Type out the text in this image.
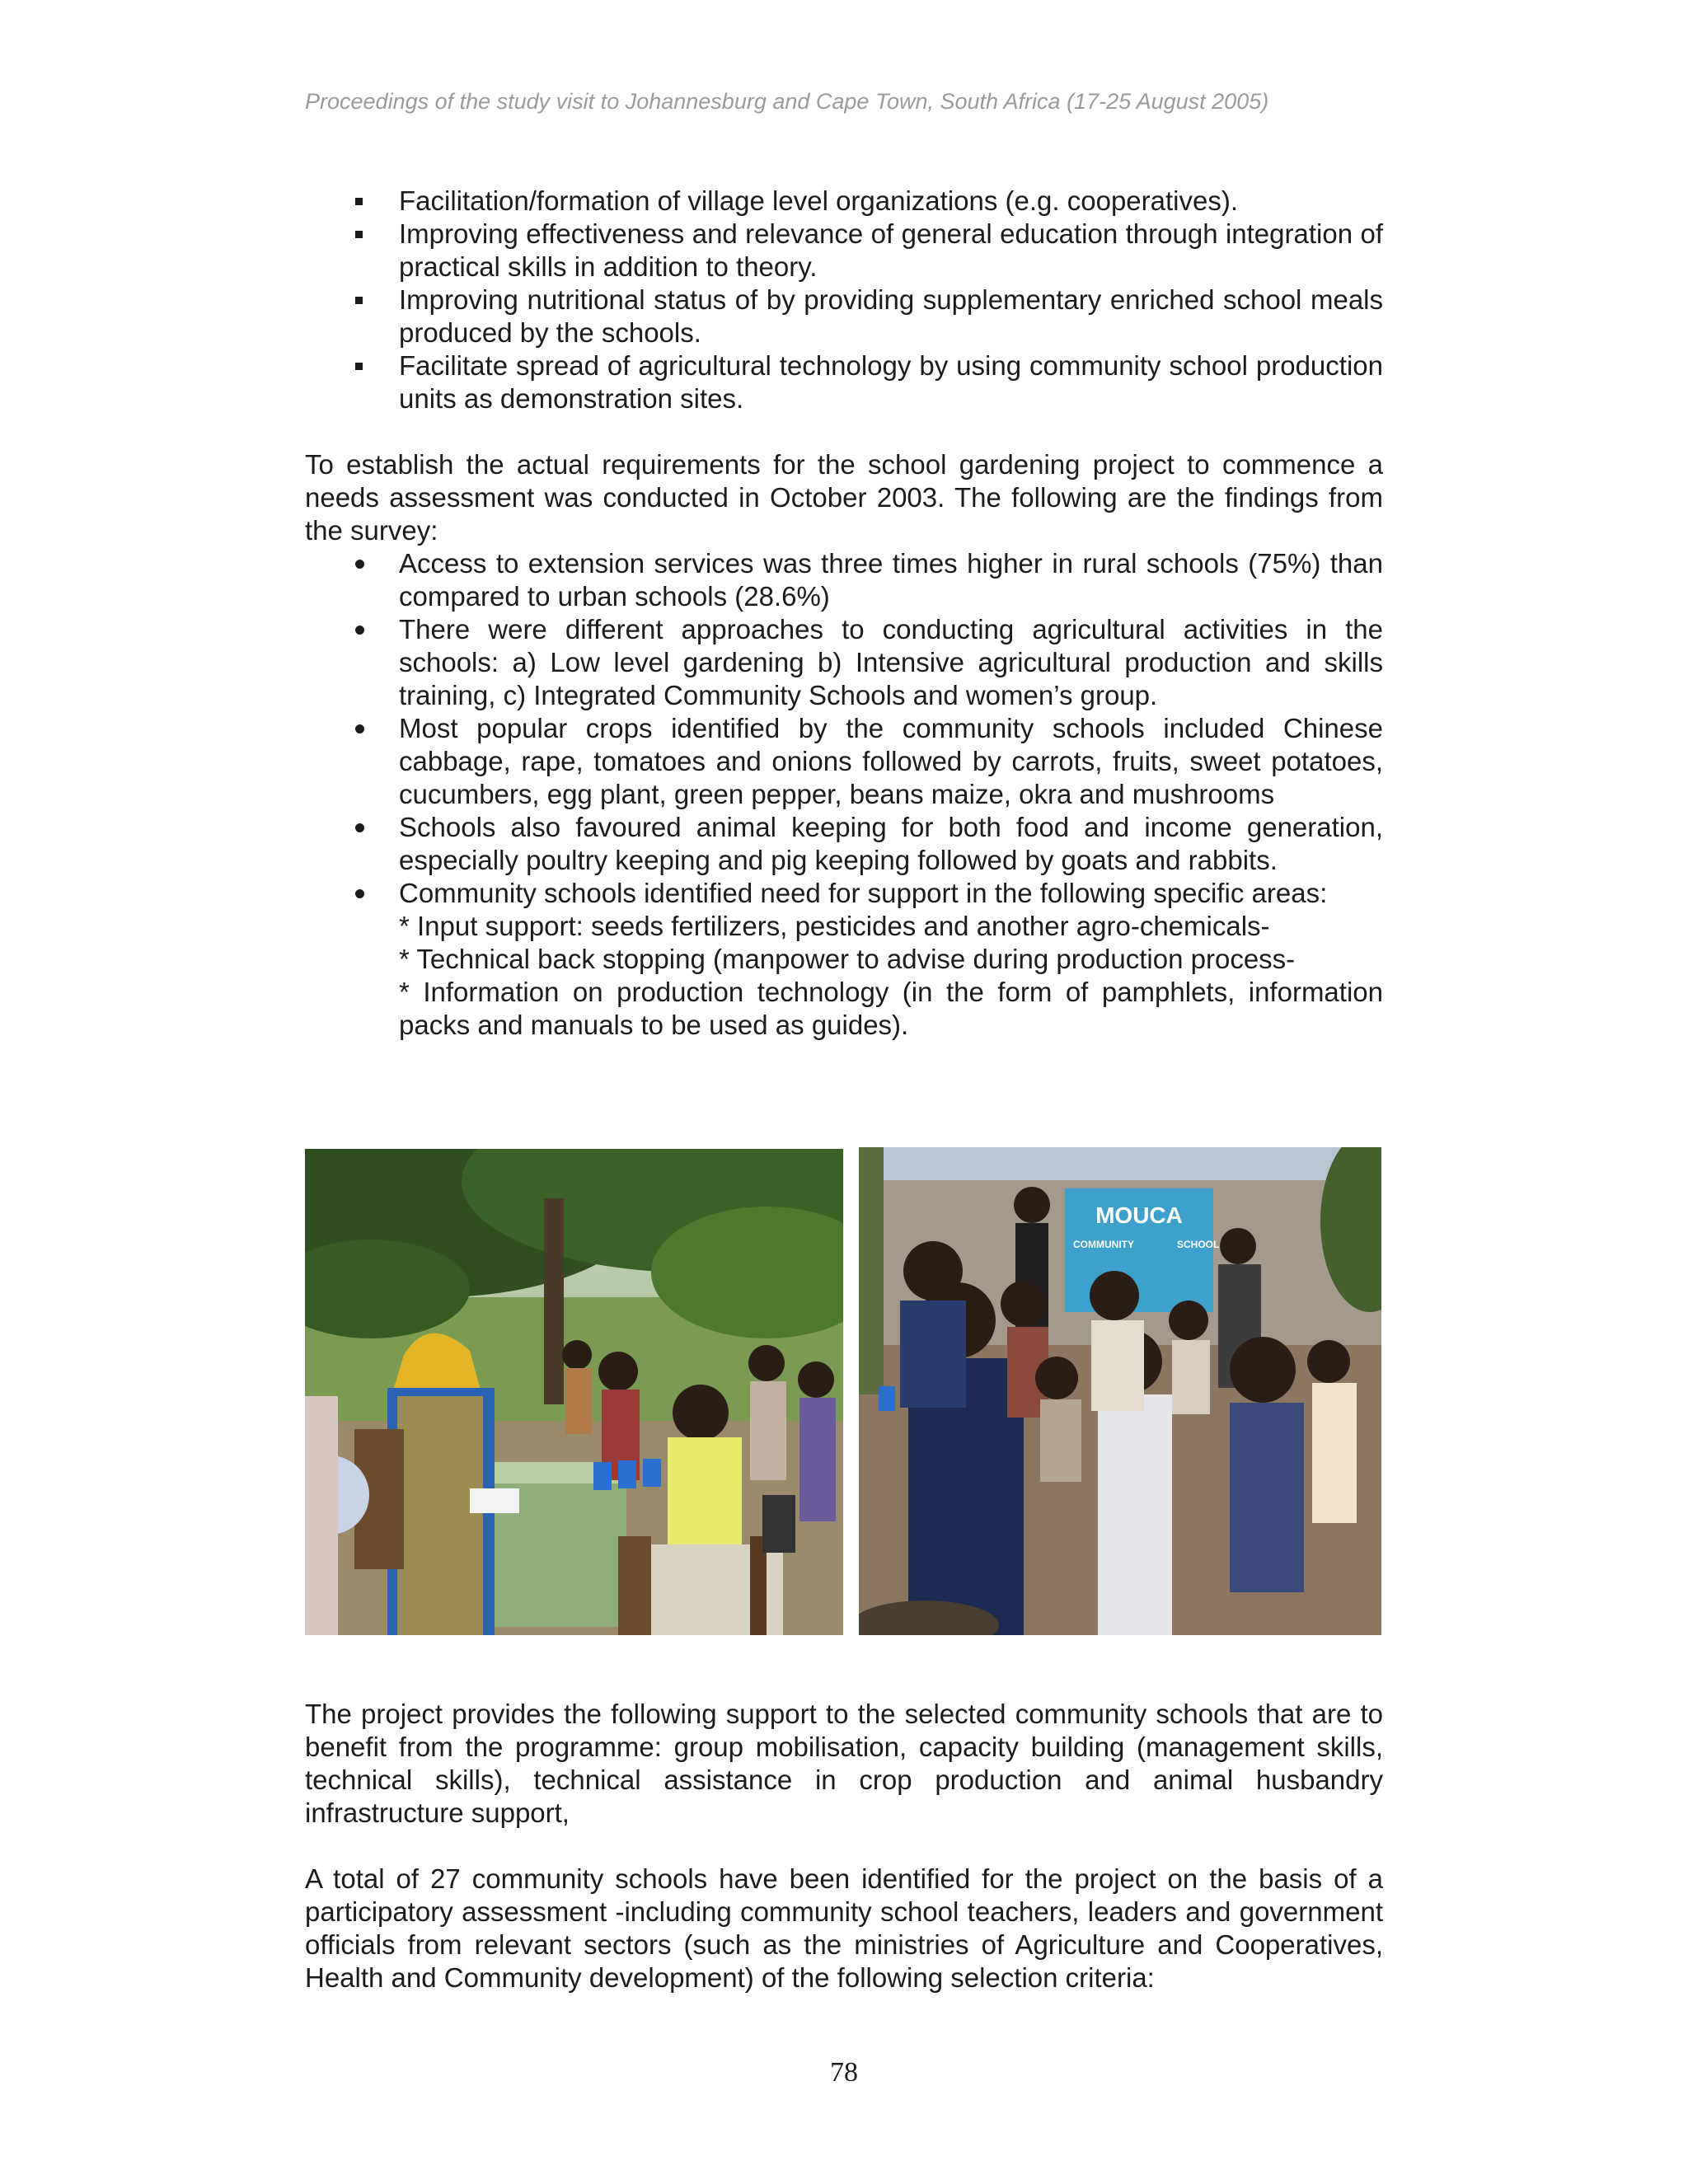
Proceedings of the study visit to Johannesburg and Cape Town, South Africa (17-25 August 2005)
Facilitation/formation of village level organizations (e.g. cooperatives).
Improving effectiveness and relevance of general education through integration of practical skills in addition to theory.
Improving nutritional status of by providing supplementary enriched school meals produced by the schools.
Facilitate spread of agricultural technology by using community school production units as demonstration sites.

To establish the actual requirements for the school gardening project to commence a needs assessment was conducted in October 2003. The following are the findings from the survey:

Access to extension services was three times higher in rural schools (75%) than compared to urban schools (28.6%)
There were different approaches to conducting agricultural activities in the schools: a) Low level gardening b) Intensive agricultural production and skills training, c) Integrated Community Schools and women’s group.
Most popular crops identified by the community schools included Chinese cabbage, rape, tomatoes and onions followed by carrots, fruits, sweet potatoes, cucumbers, egg plant, green pepper, beans maize, okra and mushrooms
Schools also favoured animal keeping for both food and income generation, especially poultry keeping and pig keeping followed by goats and rabbits.
Community schools identified need for support in the following specific areas:
* Input support: seeds fertilizers, pesticides and another agro-chemicals-
* Technical back stopping (manpower to advise during production process-
* Information on production technology (in the form of pamphlets, information packs and manuals to be used as guides).
MOUCA
COMMUNITY	SCHOOL

The project provides the following support to the selected community schools that are to benefit from the programme: group mobilisation, capacity building (management skills, technical skills), technical assistance in crop production and animal husbandry infrastructure support,

A total of 27 community schools have been identified for the project on the basis of a participatory assessment -including community school teachers, leaders and government officials from relevant sectors (such as the ministries of Agriculture and Cooperatives, Health and Community development) of the following selection criteria:

78
